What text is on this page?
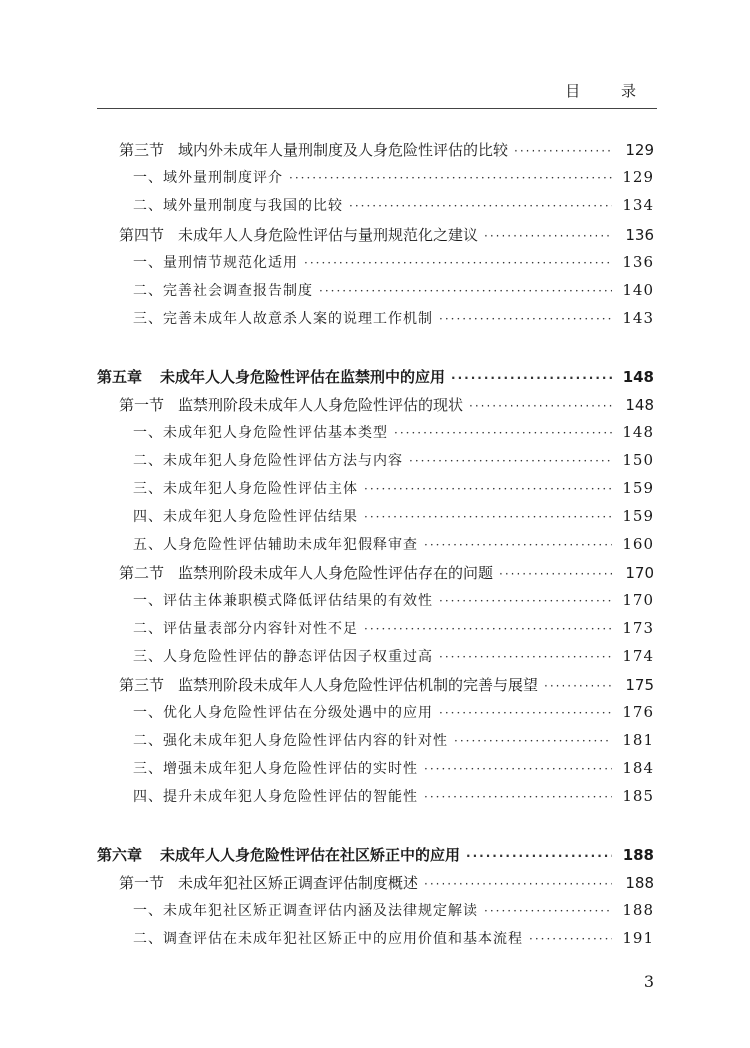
目 录
第三节 域内外未成年人量刑制度及人身危险性评估的比较 ·····	129
一、域外量刑制度评介 ·····	129
二、域外量刑制度与我国的比较 ·····	134
第四节 未成年人人身危险性评估与量刑规范化之建议 ·····	136
一、量刑情节规范化适用 ·····	136
二、完善社会调查报告制度 ·····	140
三、完善未成年人故意杀人案的说理工作机制 ·····	143
第五章 未成年人人身危险性评估在监禁刑中的应用 ·····	148
第一节 监禁刑阶段未成年人人身危险性评估的现状 ·····	148
一、未成年犯人身危险性评估基本类型 ·····	148
二、未成年犯人身危险性评估方法与内容 ·····	150
三、未成年犯人身危险性评估主体 ·····	159
四、未成年犯人身危险性评估结果 ·····	159
五、人身危险性评估辅助未成年犯假释审查 ·····	160
第二节 监禁刑阶段未成年人人身危险性评估存在的问题 ·····	170
一、评估主体兼职模式降低评估结果的有效性 ·····	170
二、评估量表部分内容针对性不足 ·····	173
三、人身危险性评估的静态评估因子权重过高 ·····	174
第三节 监禁刑阶段未成年人人身危险性评估机制的完善与展望 ·····	175
一、优化人身危险性评估在分级处遇中的应用 ·····	176
二、强化未成年犯人身危险性评估内容的针对性 ·····	181
三、增强未成年犯人身危险性评估的实时性 ·····	184
四、提升未成年犯人身危险性评估的智能性 ·····	185
第六章 未成年人人身危险性评估在社区矫正中的应用 ·····	188
第一节 未成年犯社区矫正调查评估制度概述 ·····	188
一、未成年犯社区矫正调查评估内涵及法律规定解读 ·····	188
二、调查评估在未成年犯社区矫正中的应用价值和基本流程 ·····	191
3
